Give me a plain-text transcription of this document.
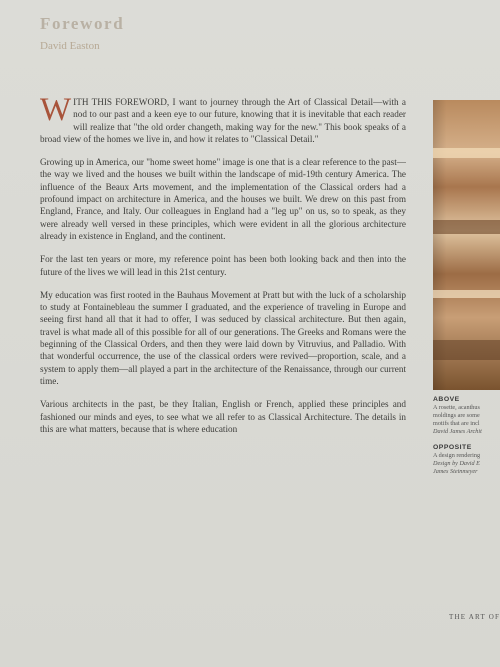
Foreword
David Easton

WITH THIS FOREWORD, I want to journey through the Art of Classical Detail—with a nod to our past and a keen eye to our future, knowing that it is inevitable that each reader will realize that "the old order changeth, making way for the new." This book speaks of a broad view of the homes we live in, and how it relates to "Classical Detail."

Growing up in America, our "home sweet home" image is one that is a clear reference to the past—the way we lived and the houses we built within the landscape of mid-19th century America. The influence of the Beaux Arts movement, and the implementation of the Classical orders had a profound impact on architecture in America, and the houses we built. We drew on this past from England, France, and Italy. Our colleagues in England had a "leg up" on us, so to speak, as they were already well versed in these principles, which were evident in all the glorious architecture already in existence in England, and the continent.

For the last ten years or more, my reference point has been both looking back and then into the future of the lives we will lead in this 21st century.

My education was first rooted in the Bauhaus Movement at Pratt but with the luck of a scholarship to study at Fontainebleau the summer I graduated, and the experience of traveling in Europe and seeing first hand all that it had to offer, I was seduced by classical architecture. But then again, travel is what made all of this possible for all of our generations. The Greeks and Romans were the beginning of the Classical Orders, and then they were laid down by Vitruvius, and Palladio. With that wonderful occurrence, the use of the classical orders were revived—proportion, scale, and a system to apply them—all played a part in the architecture of the Renaissance, through our current time.

Various architects in the past, be they Italian, English or French, applied these principles and fashioned our minds and eyes, to see what we all refer to as Classical Architecture. The details in this are what matters, because that is where education

ABOVE
A rosette, acanthus
moldings are some
motifs that are incl
David James Archit
OPPOSITE
A design rendering
Design by David E
James Steinmeyer
THE ART OF
